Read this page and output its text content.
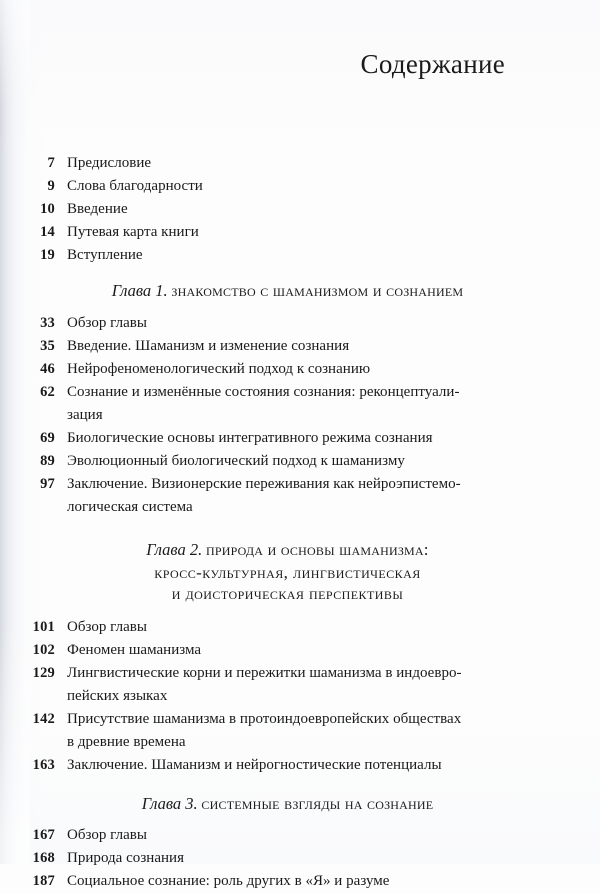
Содержание
7 Предисловие
9 Слова благодарности
10 Введение
14 Путевая карта книги
19 Вступление
Глава 1. знакомство с шаманизмом и сознанием
33 Обзор главы
35 Введение. Шаманизм и изменение сознания
46 Нейрофеноменологический подход к сознанию
62 Сознание и изменённые состояния сознания: реконцептуали-
зация
69 Биологические основы интегративного режима сознания
89 Эволюционный биологический подход к шаманизму
97 Заключение. Визионерские переживания как нейроэпистемо-
логическая система
Глава 2. природа и основы шаманизма:
кросс-культурная, лингвистическая
и доисторическая перспективы
101 Обзор главы
102 Феномен шаманизма
129 Лингвистические корни и пережитки шаманизма в индоевро-
пейских языках
142 Присутствие шаманизма в протоиндоевропейских обществах
в древние времена
163 Заключение. Шаманизм и нейрогностические потенциалы
Глава 3. системные взгляды на сознание
167 Обзор главы
168 Природа сознания
187 Социальное сознание: роль других в «Я» и разуме
